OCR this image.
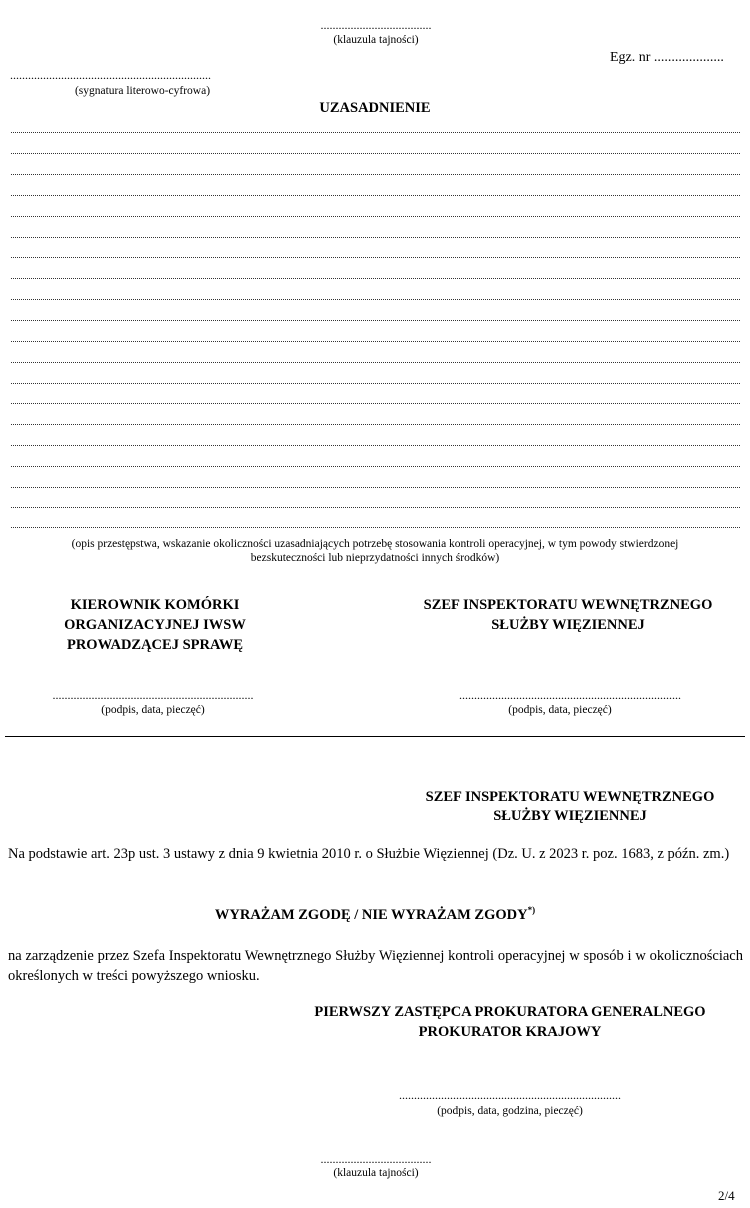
.....................................
(klauzula tajności)
Egz. nr ....................
...................................................................
(sygnatura literowo-cyfrowa)
UZASADNIENIE
(opis przestępstwa, wskazanie okoliczności uzasadniających potrzebę stosowania kontroli operacyjnej, w tym powody stwierdzonej bezskuteczności lub nieprzydatności innych środków)
KIEROWNIK KOMÓRKI
ORGANIZACYJNEJ IWSW
PROWADZĄCEJ SPRAWĘ
...................................................................
(podpis, data, pieczęć)
SZEF INSPEKTORATU WEWNĘTRZNEGO
SŁUŻBY WIĘZIENNEJ
..........................................................................
(podpis, data, pieczęć)
SZEF INSPEKTORATU WEWNĘTRZNEGO
SŁUŻBY WIĘZIENNEJ
Na podstawie art. 23p ust. 3 ustawy z dnia 9 kwietnia 2010 r. o Służbie Więziennej (Dz. U. z 2023 r. poz. 1683, z późn. zm.)
WYRAŻAM ZGODĘ / NIE WYRAŻAM ZGODY*)
na zarządzenie przez Szefa Inspektoratu Wewnętrznego Służby Więziennej kontroli operacyjnej w sposób i w okolicznościach określonych w treści powyższego wniosku.
PIERWSZY ZASTĘPCA PROKURATORA GENERALNEGO
PROKURATOR KRAJOWY
..........................................................................
(podpis, data, godzina, pieczęć)
.....................................
(klauzula tajności)
2/4
